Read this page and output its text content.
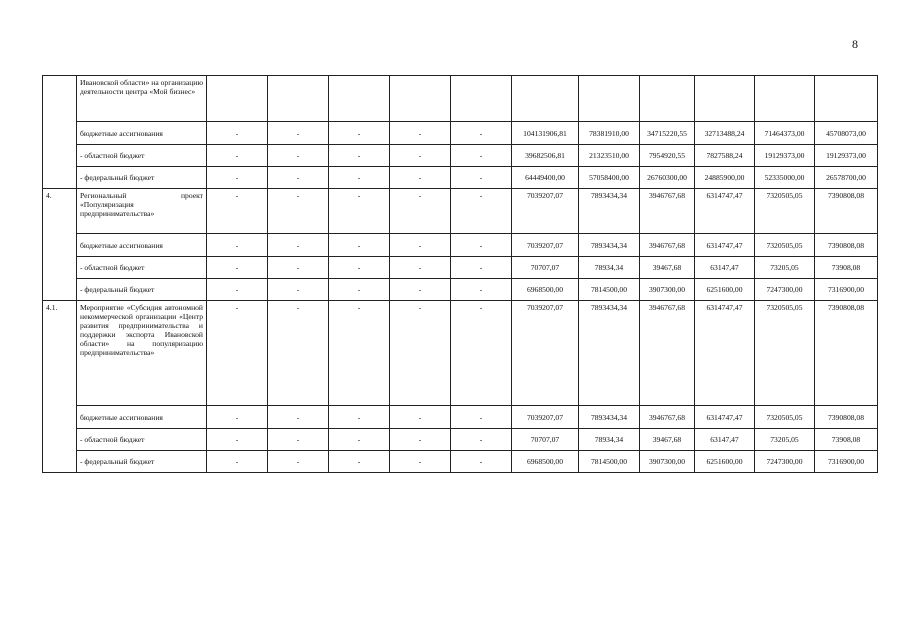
8
	Ивановской области» на организацию деятельности центра «Мой бизнес»											
	бюджетные ассигнования	-	-	-	-	-	104131906,81	78381910,00	34715220,55	32713488,24	71464373,00	45708073,00
	- областной бюджет	-	-	-	-	-	39682506,81	21323510,00	7954920,55	7827588,24	19129373,00	19129373,00
	- федеральный бюджет	-	-	-	-	-	64449400,00	57058400,00	26760300,00	24885900,00	52335000,00	26578700,00
4.	Региональный проект «Популяризация предпринимательства»	-	-	-	-	-	7039207,07	7893434,34	3946767,68	6314747,47	7320505,05	7390808,08
	бюджетные ассигнования	-	-	-	-	-	7039207,07	7893434,34	3946767,68	6314747,47	7320505,05	7390808,08
	- областной бюджет	-	-	-	-	-	70707,07	78934,34	39467,68	63147,47	73205,05	73908,08
	- федеральный бюджет	-	-	-	-	-	6968500,00	7814500,00	3907300,00	6251600,00	7247300,00	7316900,00
4.1.	Мероприятие «Субсидия автономной некоммерческой организации «Центр развития предпринимательства и поддержки экспорта Ивановской области» на популяризацию предпринимательства»	-	-	-	-	-	7039207,07	7893434,34	3946767,68	6314747,47	7320505,05	7390808,08
	бюджетные ассигнования	-	-	-	-	-	7039207,07	7893434,34	3946767,68	6314747,47	7320505,05	7390808,08
	- областной бюджет	-	-	-	-	-	70707,07	78934,34	39467,68	63147,47	73205,05	73908,08
	- федеральный бюджет	-	-	-	-	-	6968500,00	7814500,00	3907300,00	6251600,00	7247300,00	7316900,00
